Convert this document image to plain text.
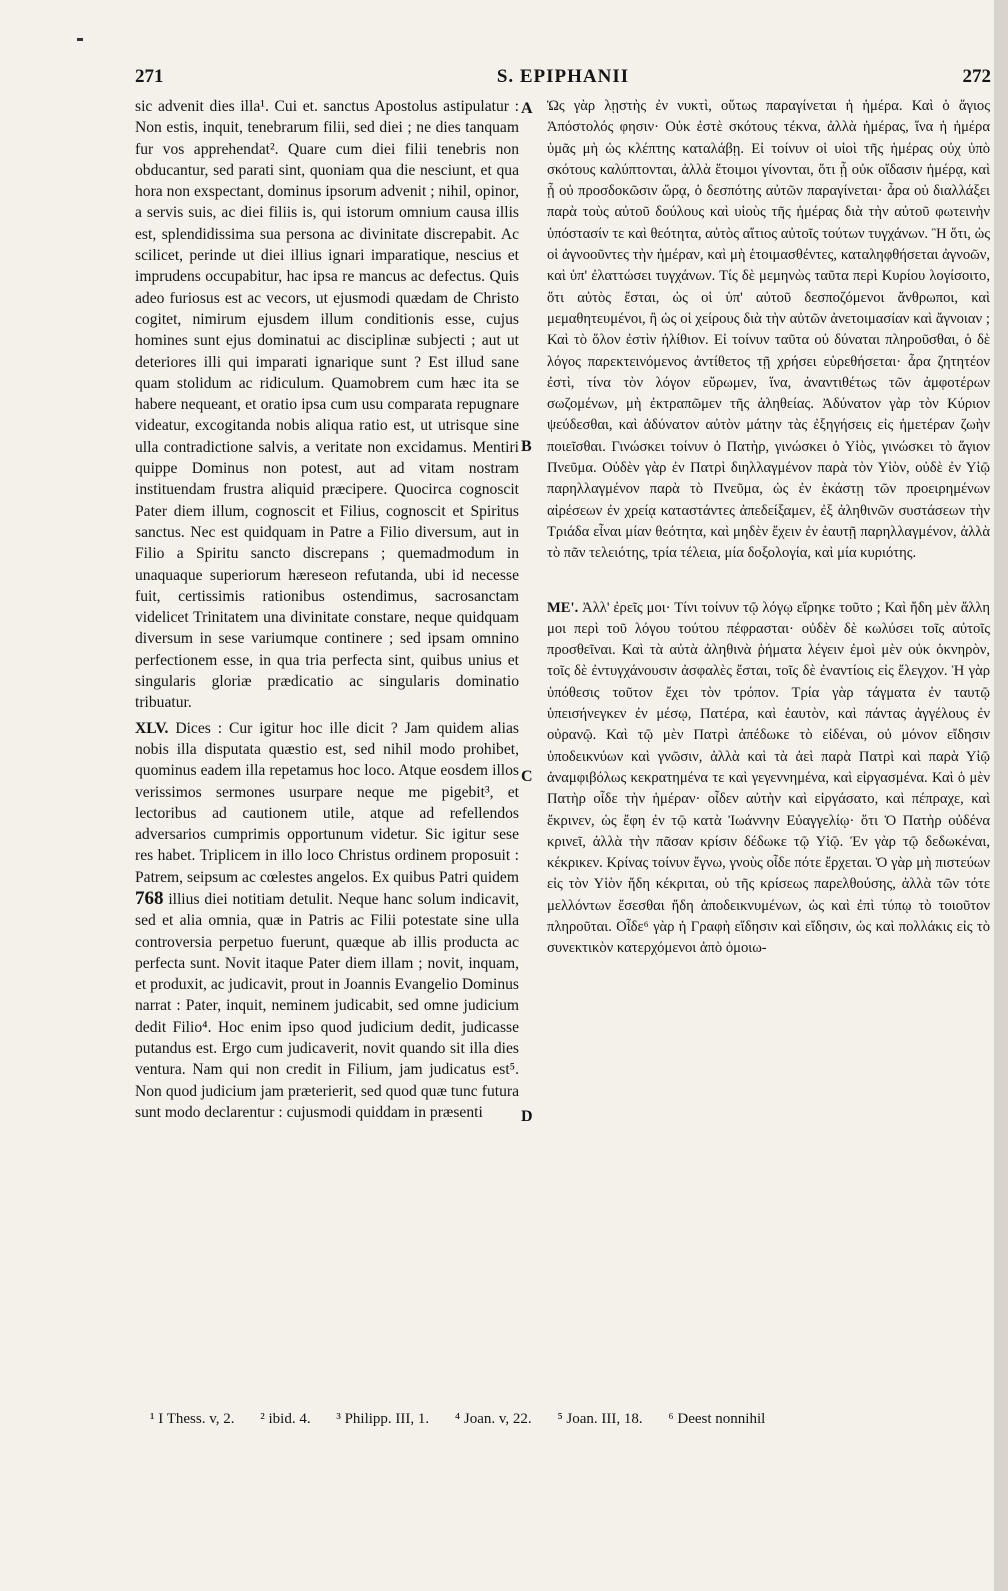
271	S. EPIPHANII	272

sic advenit dies illa¹. Cui et. sanctus Apostolus astipulatur : Non estis, inquit, tenebrarum filii, sed diei ; ne dies tanquam fur vos apprehendat². Quare cum diei filii tenebris non obducantur, sed parati sint, quoniam qua die nesciunt, et qua hora non exspectant, dominus ipsorum advenit ; nihil, opinor, a servis suis, ac diei filiis is, qui istorum omnium causa illis est, splendidissima sua persona ac divinitate discrepabit. Ac scilicet, perinde ut diei illius ignari imparatique, nescius et imprudens occupabitur, hac ipsa re mancus ac defectus. Quis adeo furiosus est ac vecors, ut ejusmodi quædam de Christo cogitet, nimirum ejusdem illum conditionis esse, cujus homines sunt ejus dominatui ac disciplinæ subjecti ; aut ut deteriores illi qui imparati ignarique sunt ? Est illud sane quam stolidum ac ridiculum. Quamobrem cum hæc ita se habere nequeant, et oratio ipsa cum usu comparata repugnare videatur, excogitanda nobis aliqua ratio est, ut utrisque sine ulla contradictione salvis, a veritate non excidamus. Mentiri quippe Dominus non potest, aut ad vitam nostram instituendam frustra aliquid præcipere. Quocirca cognoscit Pater diem illum, cognoscit et Filius, cognoscit et Spiritus sanctus. Nec est quidquam in Patre a Filio diversum, aut in Filio a Spiritu sancto discrepans ; quemadmodum in unaquaque superiorum hæreseon refutanda, ubi id necesse fuit, certissimis rationibus ostendimus, sacrosanctam videlicet Trinitatem una divinitate constare, neque quidquam diversum in sese variumque continere ; sed ipsam omnino perfectionem esse, in qua tria perfecta sint, quibus unius et singularis gloriæ prædicatio ac singularis dominatio tribuatur.

XLV. Dices : Cur igitur hoc ille dicit ? Jam quidem alias nobis illa disputata quæstio est, sed nihil modo prohibet, quominus eadem illa repetamus hoc loco. Atque eosdem illos verissimos sermones usurpare neque me pigebit³, et lectoribus ad cautionem utile, atque ad refellendos adversarios cumprimis opportunum videtur. Sic igitur sese res habet. Triplicem in illo loco Christus ordinem proposuit : Patrem, seipsum ac cœlestes angelos. Ex quibus Patri quidem 768 illius diei notitiam detulit. Neque hanc solum indicavit, sed et alia omnia, quæ in Patris ac Filii potestate sine ulla controversia perpetuo fuerunt, quæque ab illis producta ac perfecta sunt. Novit itaque Pater diem illam ; novit, inquam, et produxit, ac judicavit, prout in Joannis Evangelio Dominus narrat : Pater, inquit, neminem judicabit, sed omne judicium dedit Filio⁴. Hoc enim ipso quod judicium dedit, judicasse putandus est. Ergo cum judicaverit, novit quando sit illa dies ventura. Nam qui non credit in Filium, jam judicatus est⁵. Non quod judicium jam præterierit, sed quod quæ tunc futura sunt modo declarentur : cujusmodi quiddam in præsenti

A
B
C
D

Ὡς γὰρ λῃστὴς ἐν νυκτὶ, οὕτως παραγίνεται ἡ ἡμέρα. Καὶ ὁ ἅγιος Ἀπόστολός φησιν· Οὐκ ἐστὲ σκότους τέκνα, ἀλλὰ ἡμέρας, ἵνα ἡ ἡμέρα ὑμᾶς μὴ ὡς κλέπτης καταλάβῃ. Εἰ τοίνυν οἱ υἱοὶ τῆς ἡμέρας οὐχ ὑπὸ σκότους καλύπτονται, ἀλλὰ ἕτοιμοι γίνονται, ὅτι ᾗ οὐκ οἴδασιν ἡμέρᾳ, καὶ ᾗ οὐ προσδοκῶσιν ὥρᾳ, ὁ δεσπότης αὐτῶν παραγίνεται· ἆρα οὐ διαλλάξει παρὰ τοὺς αὐτοῦ δούλους καὶ υἱοὺς τῆς ἡμέρας διὰ τὴν αὐτοῦ φωτεινὴν ὑπόστασίν τε καὶ θεότητα, αὐτὸς αἴτιος αὐτοῖς τούτων τυγχάνων. Ἢ ὅτι, ὡς οἱ ἀγνοοῦντες τὴν ἡμέραν, καὶ μὴ ἑτοιμασθέντες, καταληφθήσεται ἀγνοῶν, καὶ ὑπ' ἐλαττώσει τυγχάνων. Τίς δὲ μεμηνὼς ταῦτα περὶ Κυρίου λογίσοιτο, ὅτι αὐτὸς ἔσται, ὡς οἱ ὑπ' αὐτοῦ δεσποζόμενοι ἄνθρωποι, καὶ μεμαθητευμένοι, ἢ ὡς οἱ χείρους διὰ τὴν αὐτῶν ἀνετοιμασίαν καὶ ἄγνοιαν ; Καὶ τὸ ὅλον ἐστὶν ἠλίθιον. Εἰ τοίνυν ταῦτα οὐ δύναται πληροῦσθαι, ὁ δὲ λόγος παρεκτεινόμενος ἀντίθετος τῇ χρήσει εὑρεθήσεται· ἆρα ζητητέον ἐστὶ, τίνα τὸν λόγον εὕρωμεν, ἵνα, ἀναντιθέτως τῶν ἀμφοτέρων σωζομένων, μὴ ἐκτραπῶμεν τῆς ἀληθείας. Ἀδύνατον γὰρ τὸν Κύριον ψεύδεσθαι, καὶ ἀδύνατον αὐτὸν μάτην τὰς ἐξηγήσεις εἰς ἡμετέραν ζωὴν ποιεῖσθαι. Γινώσκει τοίνυν ὁ Πατὴρ, γινώσκει ὁ Υἱὸς, γινώσκει τὸ ἅγιον Πνεῦμα. Οὐδὲν γὰρ ἐν Πατρὶ διηλλαγμένον παρὰ τὸν Υἱὸν, οὐδὲ ἐν Υἱῷ παρηλλαγμένον παρὰ τὸ Πνεῦμα, ὡς ἐν ἑκάστῃ τῶν προειρημένων αἱρέσεων ἐν χρείᾳ καταστάντες ἀπεδείξαμεν, ἐξ ἀληθινῶν συστάσεων τὴν Τριάδα εἶναι μίαν θεότητα, καὶ μηδὲν ἔχειν ἐν ἑαυτῇ παρηλλαγμένον, ἀλλὰ τὸ πᾶν τελειότης, τρία τέλεια, μία δοξολογία, καὶ μία κυριότης.

ΜΕ'. Ἀλλ' ἐρεῖς μοι· Τίνι τοίνυν τῷ λόγῳ εἴρηκε τοῦτο ; Καὶ ἤδη μὲν ἄλλη μοι περὶ τοῦ λόγου τούτου πέφρασται· οὐδὲν δὲ κωλύσει τοῖς αὐτοῖς προσθεῖναι. Καὶ τὰ αὐτὰ ἀληθινὰ ῥήματα λέγειν ἐμοὶ μὲν οὐκ ὀκνηρὸν, τοῖς δὲ ἐντυγχάνουσιν ἀσφαλὲς ἔσται, τοῖς δὲ ἐναντίοις εἰς ἔλεγχον. Ἡ γὰρ ὑπόθεσις τοῦτον ἔχει τὸν τρόπον. Τρία γὰρ τάγματα ἐν ταυτῷ ὑπεισήνεγκεν ἐν μέσῳ, Πατέρα, καὶ ἑαυτὸν, καὶ πάντας ἀγγέλους ἐν οὐρανῷ. Καὶ τῷ μὲν Πατρὶ ἀπέδωκε τὸ εἰδέναι, οὐ μόνον εἴδησιν ὑποδεικνύων καὶ γνῶσιν, ἀλλὰ καὶ τὰ ἀεὶ παρὰ Πατρὶ καὶ παρὰ Υἱῷ ἀναμφιβόλως κεκρατημένα τε καὶ γεγεννημένα, καὶ εἰργασμένα. Καὶ ὁ μὲν Πατὴρ οἶδε τὴν ἡμέραν· οἶδεν αὐτὴν καὶ εἰργάσατο, καὶ πέπραχε, καὶ ἔκρινεν, ὡς ἔφη ἐν τῷ κατὰ Ἰωάννην Εὐαγγελίῳ· ὅτι Ὁ Πατὴρ οὐδένα κρινεῖ, ἀλλὰ τὴν πᾶσαν κρίσιν δέδωκε τῷ Υἱῷ. Ἐν γὰρ τῷ δεδωκέναι, κέκρικεν. Κρίνας τοίνυν ἔγνω, γνοὺς οἶδε πότε ἔρχεται. Ὁ γὰρ μὴ πιστεύων εἰς τὸν Υἱὸν ἤδη κέκριται, οὐ τῆς κρίσεως παρελθούσης, ἀλλὰ τῶν τότε μελλόντων ἔσεσθαι ἤδη ἀποδεικνυμένων, ὡς καὶ ἐπὶ τύπῳ τὸ τοιοῦτον πληροῦται. Οἶδε⁶ γὰρ ἡ Γραφὴ εἴδησιν καὶ εἴδησιν, ὡς καὶ πολλάκις εἰς τὸ συνεκτικὸν κατερχόμενοι ἀπὸ ὁμοιω-

¹ I Thess. v, 2. ² ibid. 4. ³ Philipp. III, 1. ⁴ Joan. v, 22. ⁵ Joan. III, 18. ⁶ Deest nonnihil
